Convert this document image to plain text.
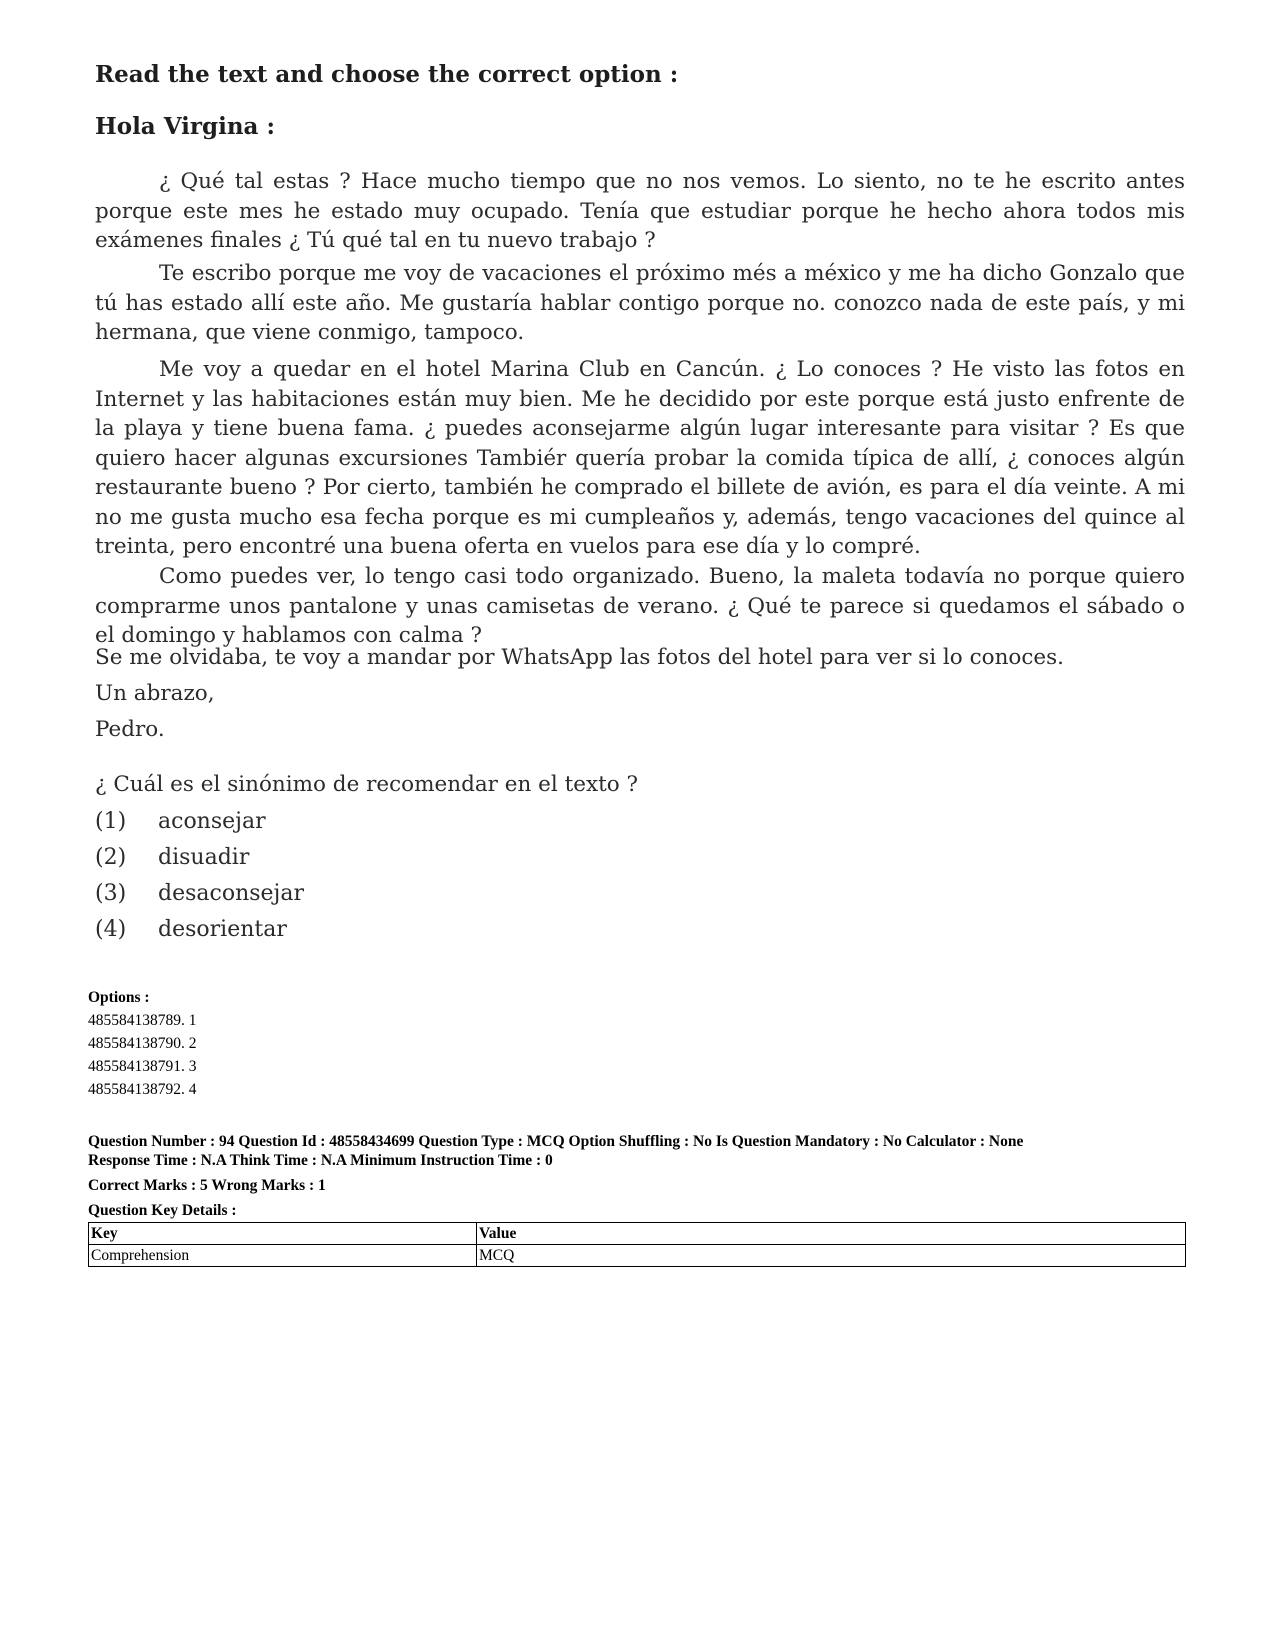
Read the text and choose the correct option :

Hola Virgina :

¿ Qué tal estas ? Hace mucho tiempo que no nos vemos. Lo siento, no te he escrito antes porque este mes he estado muy ocupado. Tenía que estudiar porque he hecho ahora todos mis exámenes finales ¿ Tú qué tal en tu nuevo trabajo ?

Te escribo porque me voy de vacaciones el próximo més a méxico y me ha dicho Gonzalo que tú has estado allí este año. Me gustaría hablar contigo porque no. conozco nada de este país, y mi hermana, que viene conmigo, tampoco.

Me voy a quedar en el hotel Marina Club en Cancún. ¿ Lo conoces ? He visto las fotos en Internet y las habitaciones están muy bien. Me he decidido por este porque está justo enfrente de la playa y tiene buena fama. ¿ puedes aconsejarme algún lugar interesante para visitar ? Es que quiero hacer algunas excursiones Tambiér quería probar la comida típica de allí, ¿ conoces algún restaurante bueno ? Por cierto, también he comprado el billete de avión, es para el día veinte. A mi no me gusta mucho esa fecha porque es mi cumpleaños y, además, tengo vacaciones del quince al treinta, pero encontré una buena oferta en vuelos para ese día y lo compré.

Como puedes ver, lo tengo casi todo organizado. Bueno, la maleta todavía no porque quiero comprarme unos pantalone y unas camisetas de verano. ¿ Qué te parece si quedamos el sábado o el domingo y hablamos con calma ?

Se me olvidaba, te voy a mandar por WhatsApp las fotos del hotel para ver si lo conoces.

Un abrazo,

Pedro.

¿ Cuál es el sinónimo de recomendar en el texto ?

(1)	aconsejar
(2)	disuadir
(3)	desaconsejar
(4)	desorientar
Options :
485584138789. 1
485584138790. 2
485584138791. 3
485584138792. 4
Question Number : 94 Question Id : 48558434699 Question Type : MCQ Option Shuffling : No Is Question Mandatory : No Calculator : None
Response Time : N.A Think Time : N.A Minimum Instruction Time : 0
Correct Marks : 5 Wrong Marks : 1
Question Key Details :
Key	Value
Comprehension	MCQ
